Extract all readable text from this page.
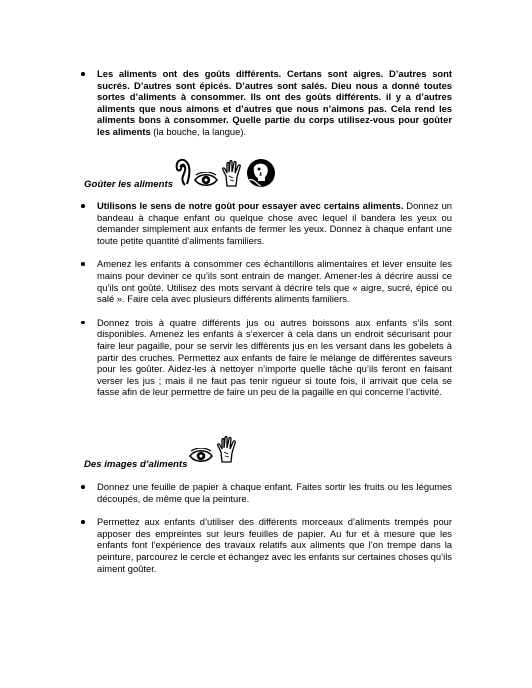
Les aliments ont des goûts différents. Certans sont aigres. D’autres sont sucrés. D’autres sont épicés. D’autres sont salés. Dieu nous a donné toutes sortes d’aliments à consommer. Ils ont des goûts différents. il y a d’autres aliments que nous aimons et d’autres que nous n’aimons pas. Cela rend les aliments bons à consommer. Quelle partie du corps utilisez-vous pour goûter les aliments (la bouche, la langue).
Goûter les aliments
Utilisons le sens de notre goût pour essayer avec certains aliments. Donnez un bandeau à chaque enfant ou quelque chose avec lequel il bandera les yeux ou demander simplement aux enfants de fermer les yeux. Donnez à chaque enfant une toute petite quantité d’aliments familiers.
Amenez les enfants à consommer ces échantillons alimentaires et lever ensuite les mains pour deviner ce qu’ils sont entrain de manger. Amener-les à décrire aussi ce qu’ils ont goûté. Utilisez des mots servant à décrire tels que « aigre, sucré, épicé ou salé ». Faire cela avec plusieurs différents aliments familiers.
Donnez trois à quatre différents jus ou autres boissons aux enfants s’ils sont disponibles. Amenez les enfants à s’exercer à cela dans un endroit sécurisant pour faire leur pagaille, pour se servir les différents jus en les versant dans les gobelets à partir des cruches. Permettez aux enfants de faire le mélange de différentes saveurs pour les goûter. Aidez-les à nettoyer n’importe quelle tâche qu’ils feront en faisant verser les jus ; mais il ne faut pas tenir rigueur si toute fois, il arrivait que cela se fasse afin de leur permettre de faire un peu de la pagaille en qui concerne l’activité.
Des images d’aliments
Donnez une feuille de papier à chaque enfant. Faites sortir les fruits ou les légumes découpés, de même que la peinture.
Permettez aux enfants d’utiliser des différents morceaux d’aliments trempés pour apposer des empreintes sur leurs feuilles de papier. Au fur et à mesure que les enfants font l’expérience des travaux relatifs aux aliments que l’on trempe dans la peinture, parcourez le cercle et échangez avec les enfants sur certaines choses qu’ils aiment goûter.
